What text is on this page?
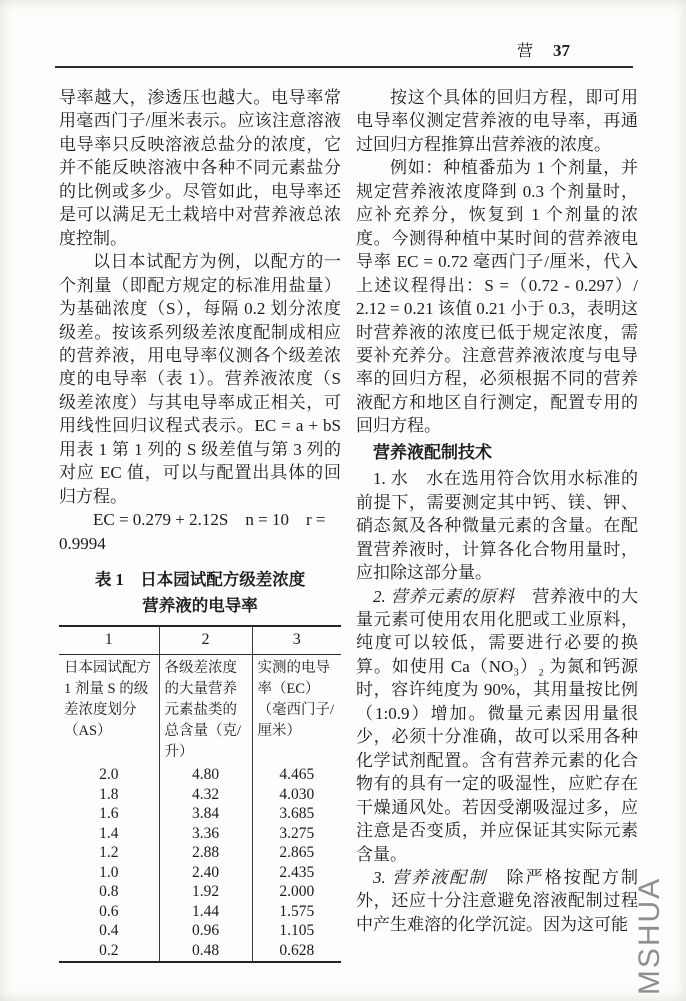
营 37

导率越大，渗透压也越大。电导率常用毫西门子/厘米表示。应该注意溶液电导率只反映溶液总盐分的浓度，它并不能反映溶液中各种不同元素盐分的比例或多少。尽管如此，电导率还是可以满足无土栽培中对营养液总浓度控制。

以日本试配方为例，以配方的一个剂量（即配方规定的标准用盐量）为基础浓度（S），每隔 0.2 划分浓度级差。按该系列级差浓度配制成相应的营养液，用电导率仪测各个级差浓度的电导率（表 1）。营养液浓度（S 级差浓度）与其电导率成正相关，可用线性回归议程式表示。EC = a + bS 用表 1 第 1 列的 S 级差值与第 3 列的对应 EC 值，可以与配置出具体的回归方程。

EC = 0.279 + 2.12S　n = 10　r =
0.9994
表 1　日本园试配方级差浓度
营养液的电导率
1	2	3
日本园试配方 1 剂量 S 的级差浓度划分（AS）	各级差浓度的大量营养元素盐类的总含量（克/升）	实测的电导率（EC）（毫西门子/厘米）
2.0	4.80	4.465
1.8	4.32	4.030
1.6	3.84	3.685
1.4	3.36	3.275
1.2	2.88	2.865
1.0	2.40	2.435
0.8	1.92	2.000
0.6	1.44	1.575
0.4	0.96	1.105
0.2	0.48	0.628

按这个具体的回归方程，即可用电导率仪测定营养液的电导率，再通过回归方程推算出营养液的浓度。

例如：种植番茄为 1 个剂量，并规定营养液浓度降到 0.3 个剂量时，应补充养分，恢复到 1 个剂量的浓度。今测得种植中某时间的营养液电导率 EC = 0.72 毫西门子/厘米，代入上述议程得出：S =（0.72 - 0.297）/ 2.12 = 0.21 该值 0.21 小于 0.3，表明这时营养液的浓度已低于规定浓度，需要补充养分。注意营养液浓度与电导率的回归方程，必须根据不同的营养液配方和地区自行测定，配置专用的回归方程。

营养液配制技术

1. 水　水在选用符合饮用水标准的前提下，需要测定其中钙、镁、钾、硝态氮及各种微量元素的含量。在配置营养液时，计算各化合物用量时，应扣除这部分量。

2. 营养元素的原料　营养液中的大量元素可使用农用化肥或工业原料，纯度可以较低，需要进行必要的换算。如使用 Ca（NO₃）₂ 为氮和钙源时，容许纯度为 90%，其用量按比例（1:0.9）增加。微量元素因用量很少，必须十分准确，故可以采用各种化学试剂配置。含有营养元素的化合物有的具有一定的吸湿性，应贮存在干燥通风处。若因受潮吸湿过多，应注意是否变质，并应保证其实际元素含量。

3. 营养液配制　除严格按配方制外，还应十分注意避免溶液配制过程中产生难溶的化学沉淀。因为这可能 MSHUA
